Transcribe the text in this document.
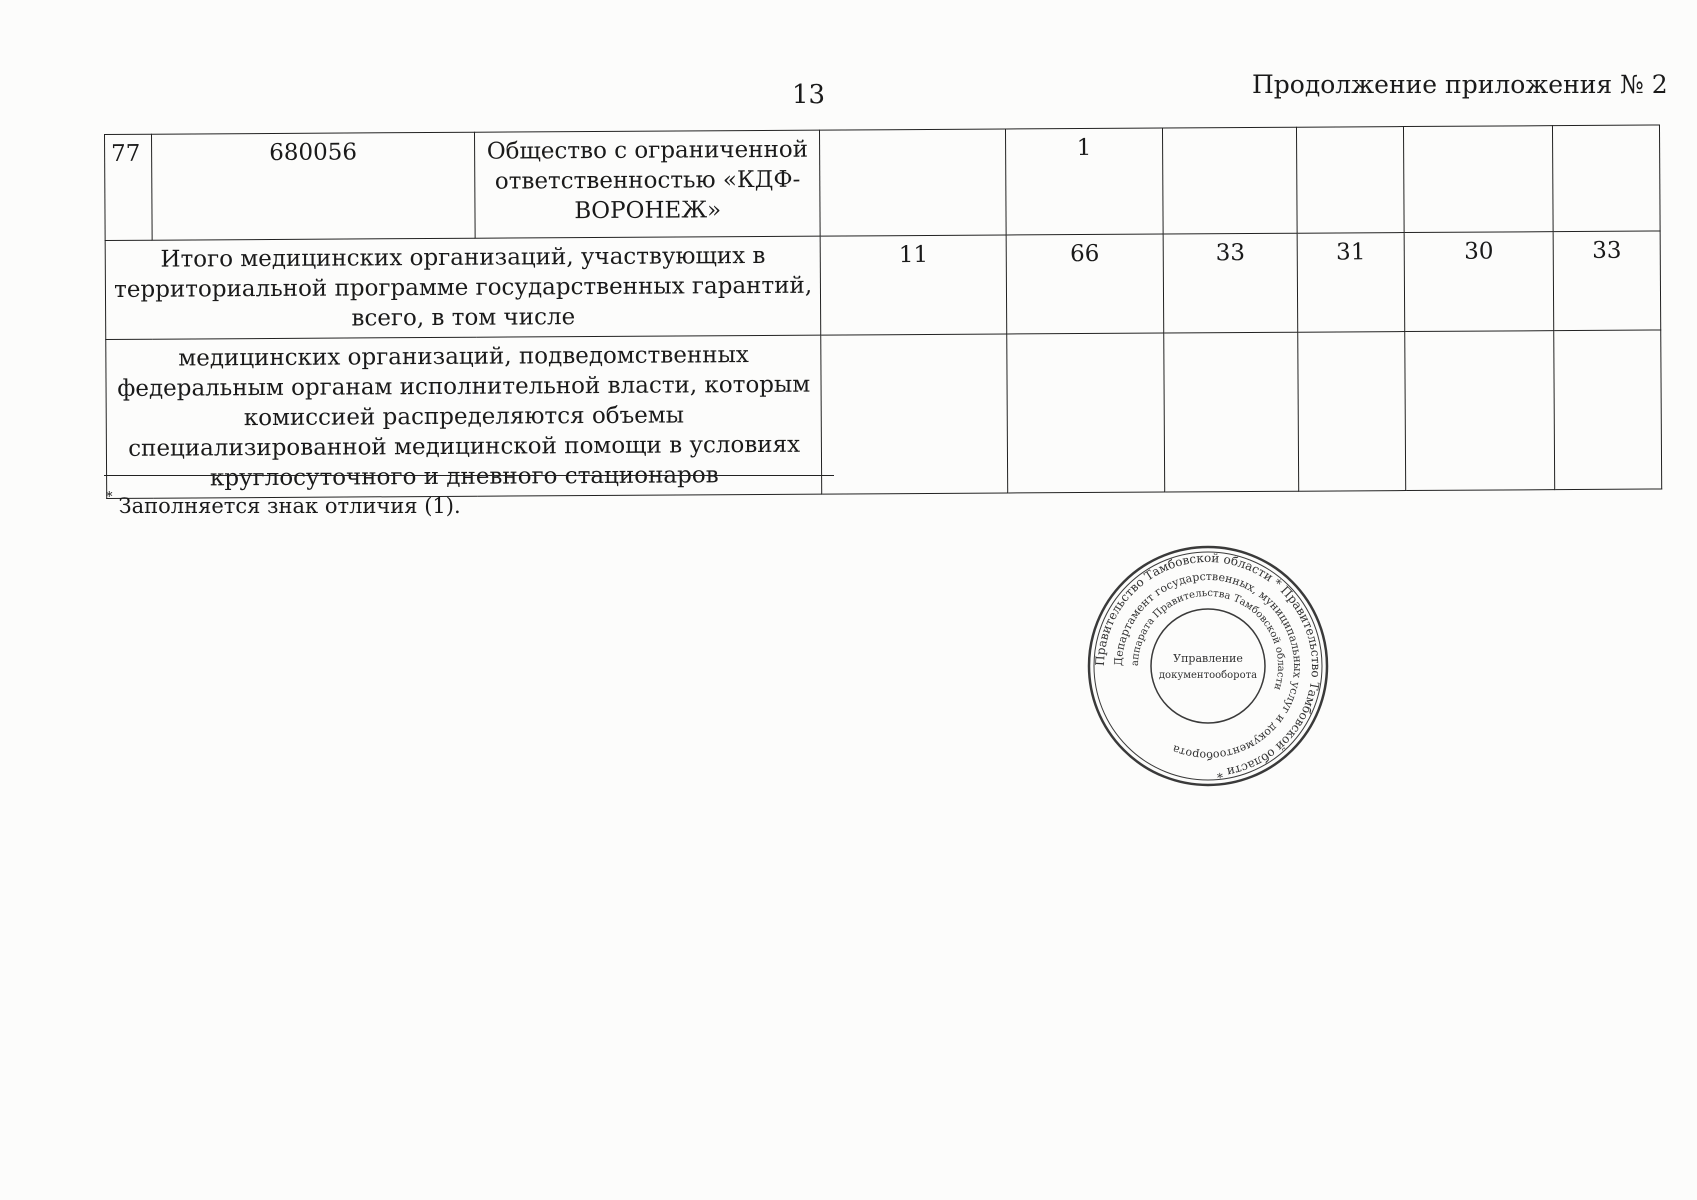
13	Продолжение приложения № 2
77	680056	Общество с ограниченной ответственностью «КДФ-ВОРОНЕЖ»		1				
Итого медицинских организаций, участвующих в территориальной программе государственных гарантий, всего, в том числе			11	66	33	31	30	33
медицинских организаций, подведомственных федеральным органам исполнительной власти, которым комиссией распределяются объемы специализированной медицинской помощи в условиях круглосуточного и дневного стационаров								
* Заполняется знак отличия (1).
Правительство Тамбовской области * Правительство Тамбовской области *
Департамент государственных, муниципальных услуг и документооборота
аппарата Правительства Тамбовской области
Управление
документооборота
